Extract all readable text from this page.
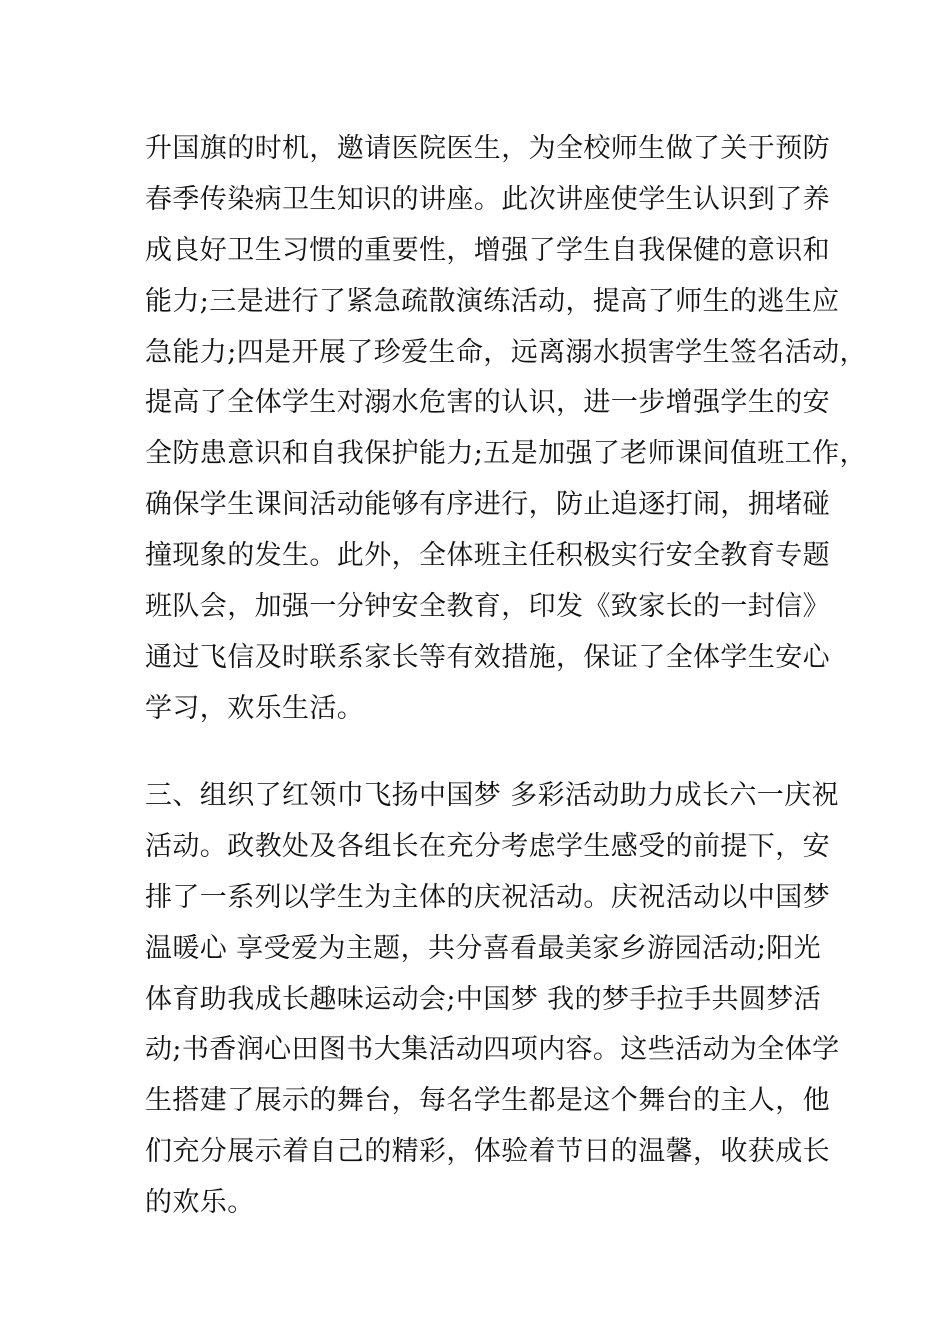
升国旗的时机，邀请医院医生，为全校师生做了关于预防
春季传染病卫生知识的讲座。此次讲座使学生认识到了养
成良好卫生习惯的重要性，增强了学生自我保健的意识和
能力;三是进行了紧急疏散演练活动，提高了师生的逃生应
急能力;四是开展了珍爱生命，远离溺水损害学生签名活动，
提高了全体学生对溺水危害的认识，进一步增强学生的安
全防患意识和自我保护能力;五是加强了老师课间值班工作，
确保学生课间活动能够有序进行，防止追逐打闹，拥堵碰
撞现象的发生。此外，全体班主任积极实行安全教育专题
班队会，加强一分钟安全教育，印发《致家长的一封信》
通过飞信及时联系家长等有效措施，保证了全体学生安心
学习，欢乐生活。
三、组织了红领巾飞扬中国梦 多彩活动助力成长六一庆祝
活动。政教处及各组长在充分考虑学生感受的前提下，安
排了一系列以学生为主体的庆祝活动。庆祝活动以中国梦
温暖心 享受爱为主题，共分喜看最美家乡游园活动;阳光
体育助我成长趣味运动会;中国梦 我的梦手拉手共圆梦活
动;书香润心田图书大集活动四项内容。这些活动为全体学
生搭建了展示的舞台，每名学生都是这个舞台的主人，他
们充分展示着自己的精彩，体验着节日的温馨，收获成长
的欢乐。
